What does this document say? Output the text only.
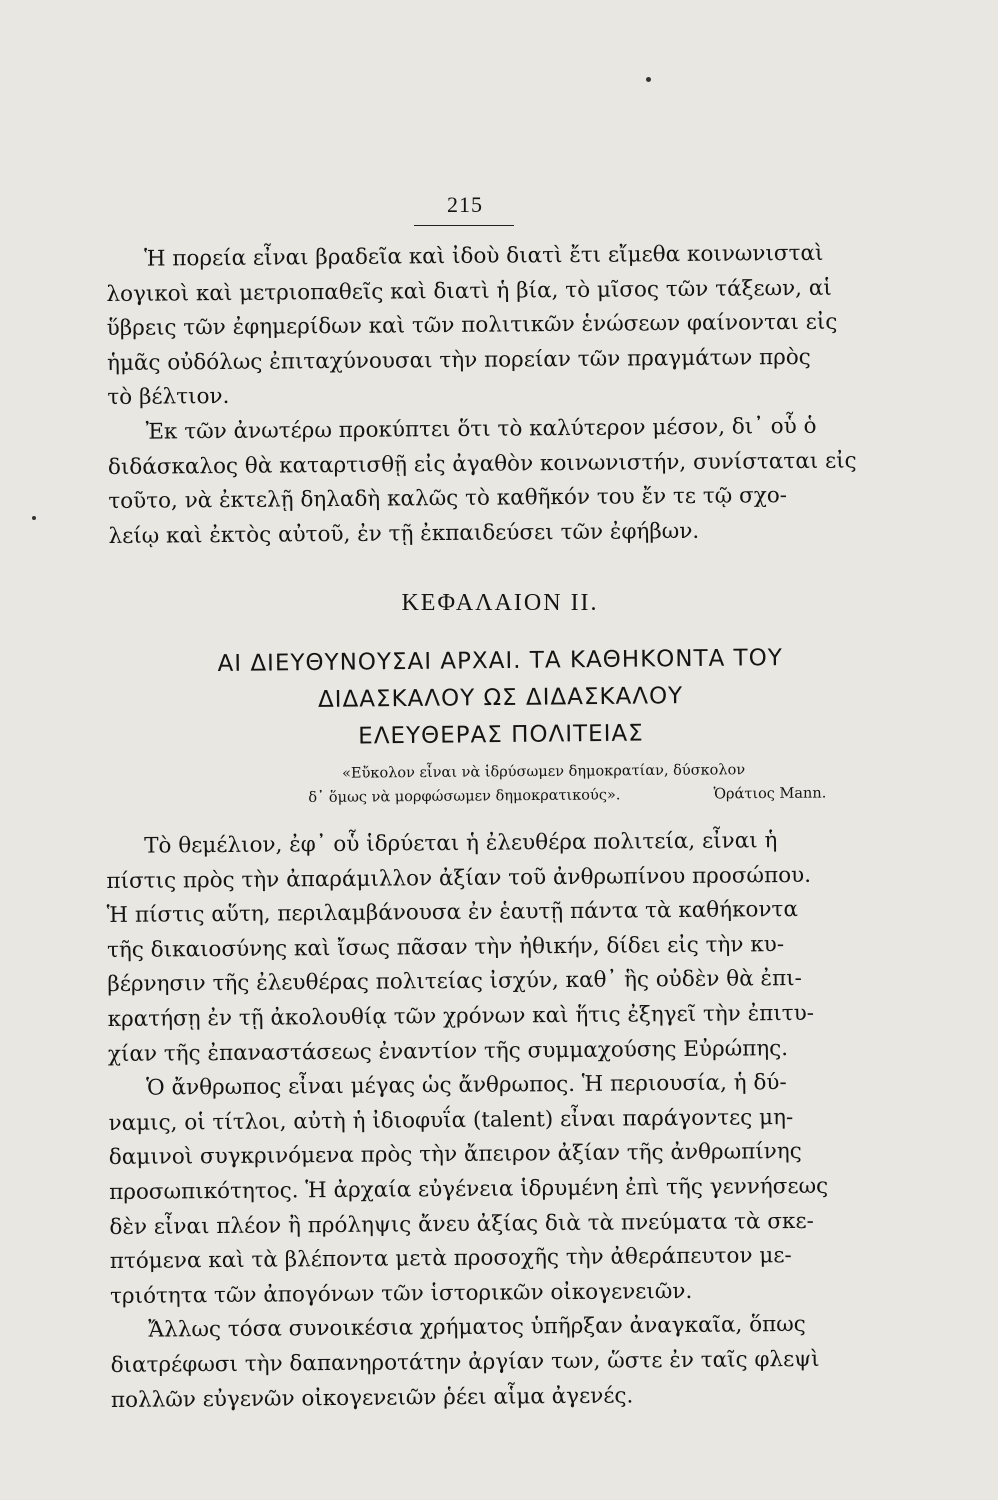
215
Ἡ πορεία εἶναι βραδεῖα καὶ ἰδοὺ διατὶ ἔτι εἴμεθα κοινωνισταὶ
λογικοὶ καὶ μετριοπαθεῖς καὶ διατὶ ἡ βία, τὸ μῖσος τῶν τάξεων, αἱ
ὕβρεις τῶν ἐφημερίδων καὶ τῶν πολιτικῶν ἑνώσεων φαίνονται εἰς
ἡμᾶς οὐδόλως ἐπιταχύνουσαι τὴν πορείαν τῶν πραγμάτων πρὸς
τὸ βέλτιον.
Ἐκ τῶν ἀνωτέρω προκύπτει ὅτι τὸ καλύτερον μέσον, δι᾽ οὗ ὁ
διδάσκαλος θὰ καταρτισθῇ εἰς ἀγαθὸν κοινωνιστήν, συνίσταται εἰς
τοῦτο, νὰ ἐκτελῇ δηλαδὴ καλῶς τὸ καθῆκόν του ἔν τε τῷ σχο-
λείῳ καὶ ἐκτὸς αὐτοῦ, ἐν τῇ ἐκπαιδεύσει τῶν ἐφήβων.
ΚΕΦΑΛΑΙΟΝ II.
ΑΙ ΔΙΕΥΘΥΝΟΥΣΑΙ ΑΡΧΑΙ. ΤΑ ΚΑΘΗΚΟΝΤΑ ΤΟΥ
ΔΙΔΑΣΚΑΛΟΥ ΩΣ ΔΙΔΑΣΚΑΛΟΥ
ΕΛΕΥΘΕΡΑΣ ΠΟΛΙΤΕΙΑΣ
«Εὔκολον εἶναι νὰ ἱδρύσωμεν δημοκρατίαν, δύσκολον
δ᾽ ὅμως νὰ μορφώσωμεν δημοκρατικούς».	Ὁράτιος Mann.
Τὸ θεμέλιον, ἐφ᾽ οὗ ἱδρύεται ἡ ἐλευθέρα πολιτεία, εἶναι ἡ
πίστις πρὸς τὴν ἀπαράμιλλον ἀξίαν τοῦ ἀνθρωπίνου προσώπου.
Ἡ πίστις αὕτη, περιλαμβάνουσα ἐν ἑαυτῇ πάντα τὰ καθήκοντα
τῆς δικαιοσύνης καὶ ἴσως πᾶσαν τὴν ἠθικήν, δίδει εἰς τὴν κυ-
βέρνησιν τῆς ἐλευθέρας πολιτείας ἰσχύν, καθ᾽ ἣς οὐδὲν θὰ ἐπι-
κρατήσῃ ἐν τῇ ἀκολουθίᾳ τῶν χρόνων καὶ ἥτις ἐξηγεῖ τὴν ἐπιτυ-
χίαν τῆς ἐπαναστάσεως ἐναντίον τῆς συμμαχούσης Εὐρώπης.
Ὁ ἄνθρωπος εἶναι μέγας ὡς ἄνθρωπος. Ἡ περιουσία, ἡ δύ-
ναμις, οἱ τίτλοι, αὐτὴ ἡ ἰδιοφυΐα (talent) εἶναι παράγοντες μη-
δαμινοὶ συγκρινόμενα πρὸς τὴν ἄπειρον ἀξίαν τῆς ἀνθρωπίνης
προσωπικότητος. Ἡ ἀρχαία εὐγένεια ἱδρυμένη ἐπὶ τῆς γεννήσεως
δὲν εἶναι πλέον ἢ πρόληψις ἄνευ ἀξίας διὰ τὰ πνεύματα τὰ σκε-
πτόμενα καὶ τὰ βλέποντα μετὰ προσοχῆς τὴν ἀθεράπευτον με-
τριότητα τῶν ἀπογόνων τῶν ἱστορικῶν οἰκογενειῶν.
Ἄλλως τόσα συνοικέσια χρήματος ὑπῆρξαν ἀναγκαῖα, ὅπως
διατρέφωσι τὴν δαπανηροτάτην ἀργίαν των, ὥστε ἐν ταῖς φλεψὶ
πολλῶν εὐγενῶν οἰκογενειῶν ῥέει αἷμα ἀγενές.
